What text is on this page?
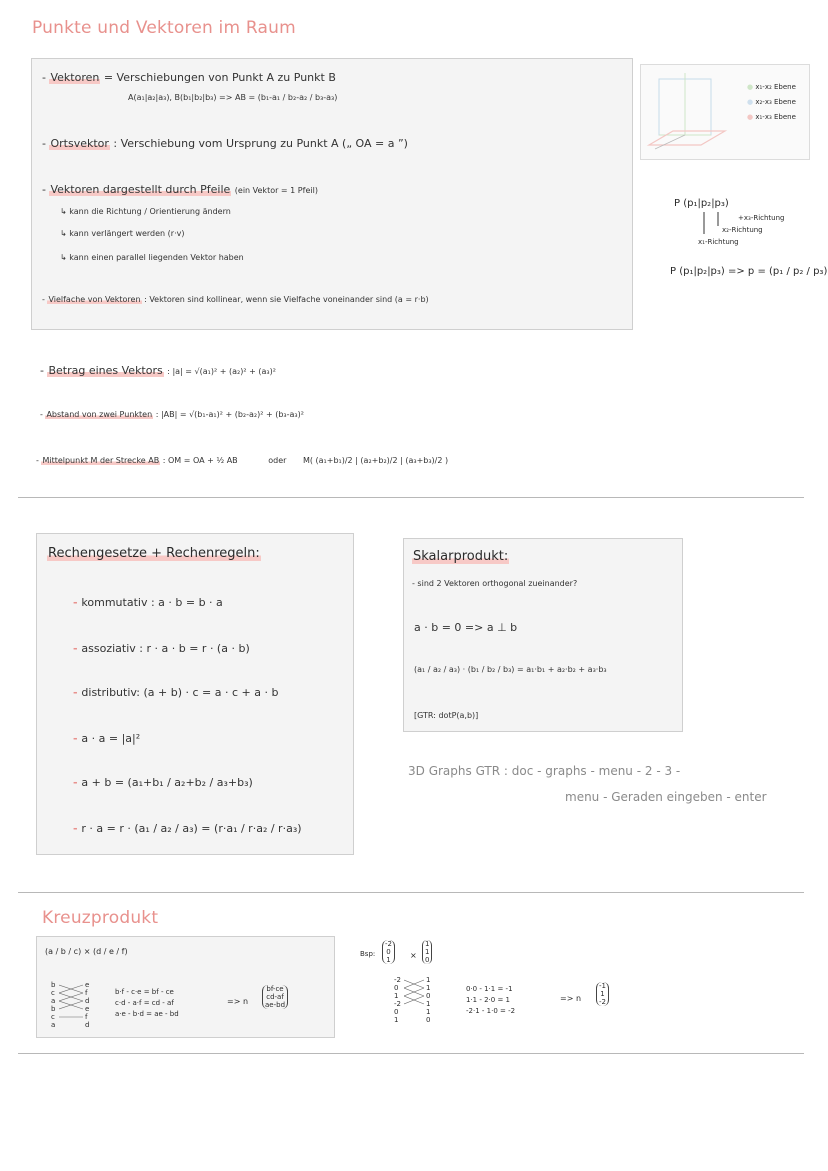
Punkte und Vektoren im Raum
- Vektoren = Verschiebungen von Punkt A zu Punkt B
A(a₁|a₂|a₃), B(b₁|b₂|b₃) => AB = (b₁-a₁ / b₂-a₂ / b₃-a₃)
- Ortsvektor : Verschiebung vom Ursprung zu Punkt A („ OA = a ”)
- Vektoren dargestellt durch Pfeile (ein Vektor = 1 Pfeil)
↳ kann die Richtung / Orientierung ändern
↳ kann verlängert werden (r·v)
↳ kann einen parallel liegenden Vektor haben
- Vielfache von Vektoren : Vektoren sind kollinear, wenn sie Vielfache voneinander sind (a = r·b)
● x₁-x₂ Ebene
● x₂-x₃ Ebene
● x₁-x₃ Ebene
P (p₁|p₂|p₃)
+x₃-Richtung
x₂-Richtung
x₁-Richtung
P (p₁|p₂|p₃) => p = (p₁ / p₂ / p₃)
- Betrag eines Vektors : |a| = √(a₁)² + (a₂)² + (a₃)²
- Abstand von zwei Punkten : |AB| = √(b₁-a₁)² + (b₂-a₂)² + (b₃-a₃)²
- Mittelpunkt M der Strecke AB : OM = OA + ½ AB	oder M( (a₁+b₁)/2 | (a₂+b₂)/2 | (a₃+b₃)/2 )
Rechengesetze + Rechenregeln:
- kommutativ : a · b = b · a
- assoziativ : r · a · b = r · (a · b)
- distributiv: (a + b) · c = a · c + a · b
- a · a = |a|²
- a + b = (a₁+b₁ / a₂+b₂ / a₃+b₃)
- r · a = r · (a₁ / a₂ / a₃) = (r·a₁ / r·a₂ / r·a₃)
Skalarprodukt:
- sind 2 Vektoren orthogonal zueinander?
a · b = 0 => a ⊥ b
(a₁ / a₂ / a₃) · (b₁ / b₂ / b₃) = a₁·b₁ + a₂·b₂ + a₃·b₃
[GTR: dotP(a,b)]
3D Graphs GTR : doc - graphs - menu - 2 - 3 -
menu - Geraden eingeben - enter
Kreuzprodukt
(a / b / c) × (d / e / f)
b
c
a
b
c
a
e
f
d
e
f
d
b·f - c·e = bf - ce
c·d - a·f = cd - af
a·e - b·d = ae - bd
=> n
bf-ce
cd-af
ae-bd
Bsp:
-2
0
1 ×
1
1
0
-2
0
1
-2
0
1
1
1
0
1
1
0
0·0 - 1·1 = -1
1·1 - 2·0 = 1
-2·1 - 1·0 = -2
=> n
-1
1
-2
